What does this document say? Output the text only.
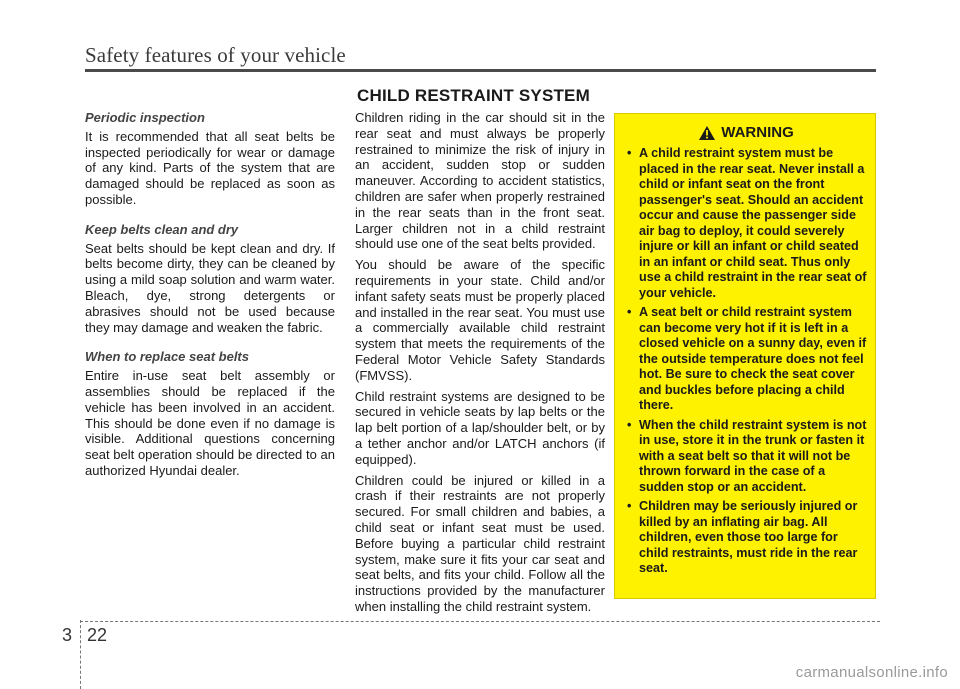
Safety features of your vehicle
CHILD RESTRAINT SYSTEM

Periodic inspection

It is recommended that all seat belts be inspected periodically for wear or damage of any kind. Parts of the system that are damaged should be replaced as soon as possible.

Keep belts clean and dry

Seat belts should be kept clean and dry. If belts become dirty, they can be cleaned by using a mild soap solution and warm water. Bleach, dye, strong detergents or abrasives should not be used because they may damage and weaken the fabric.

When to replace seat belts

Entire in-use seat belt assembly or assemblies should be replaced if the vehicle has been involved in an accident. This should be done even if no damage is visible. Additional questions concerning seat belt operation should be directed to an authorized Hyundai dealer.

Children riding in the car should sit in the rear seat and must always be properly restrained to minimize the risk of injury in an accident, sudden stop or sudden maneuver. According to accident statistics, children are safer when properly restrained in the rear seats than in the front seat. Larger children not in a child restraint should use one of the seat belts provided.

You should be aware of the specific requirements in your state. Child and/or infant safety seats must be properly placed and installed in the rear seat. You must use a commercially available child restraint system that meets the requirements of the Federal Motor Vehicle Safety Standards (FMVSS).

Child restraint systems are designed to be secured in vehicle seats by lap belts or the lap belt portion of a lap/shoulder belt, or by a tether anchor and/or LATCH anchors (if equipped).

Children could be injured or killed in a crash if their restraints are not properly secured. For small children and babies, a child seat or infant seat must be used. Before buying a particular child restraint system, make sure it fits your car seat and seat belts, and fits your child. Follow all the instructions provided by the manufacturer when installing the child restraint system.

WARNING
• A child restraint system must be placed in the rear seat. Never install a child or infant seat on the front passenger's seat. Should an accident occur and cause the passenger side air bag to deploy, it could severely injure or kill an infant or child seated in an infant or child seat. Thus only use a child restraint in the rear seat of your vehicle.
• A seat belt or child restraint system can become very hot if it is left in a closed vehicle on a sunny day, even if the outside temperature does not feel hot. Be sure to check the seat cover and buckles before placing a child there.
• When the child restraint system is not in use, store it in the trunk or fasten it with a seat belt so that it will not be thrown forward in the case of a sudden stop or an accident.
• Children may be seriously injured or killed by an inflating air bag. All children, even those too large for child restraints, must ride in the rear seat.
3 22
carmanualsonline.info
